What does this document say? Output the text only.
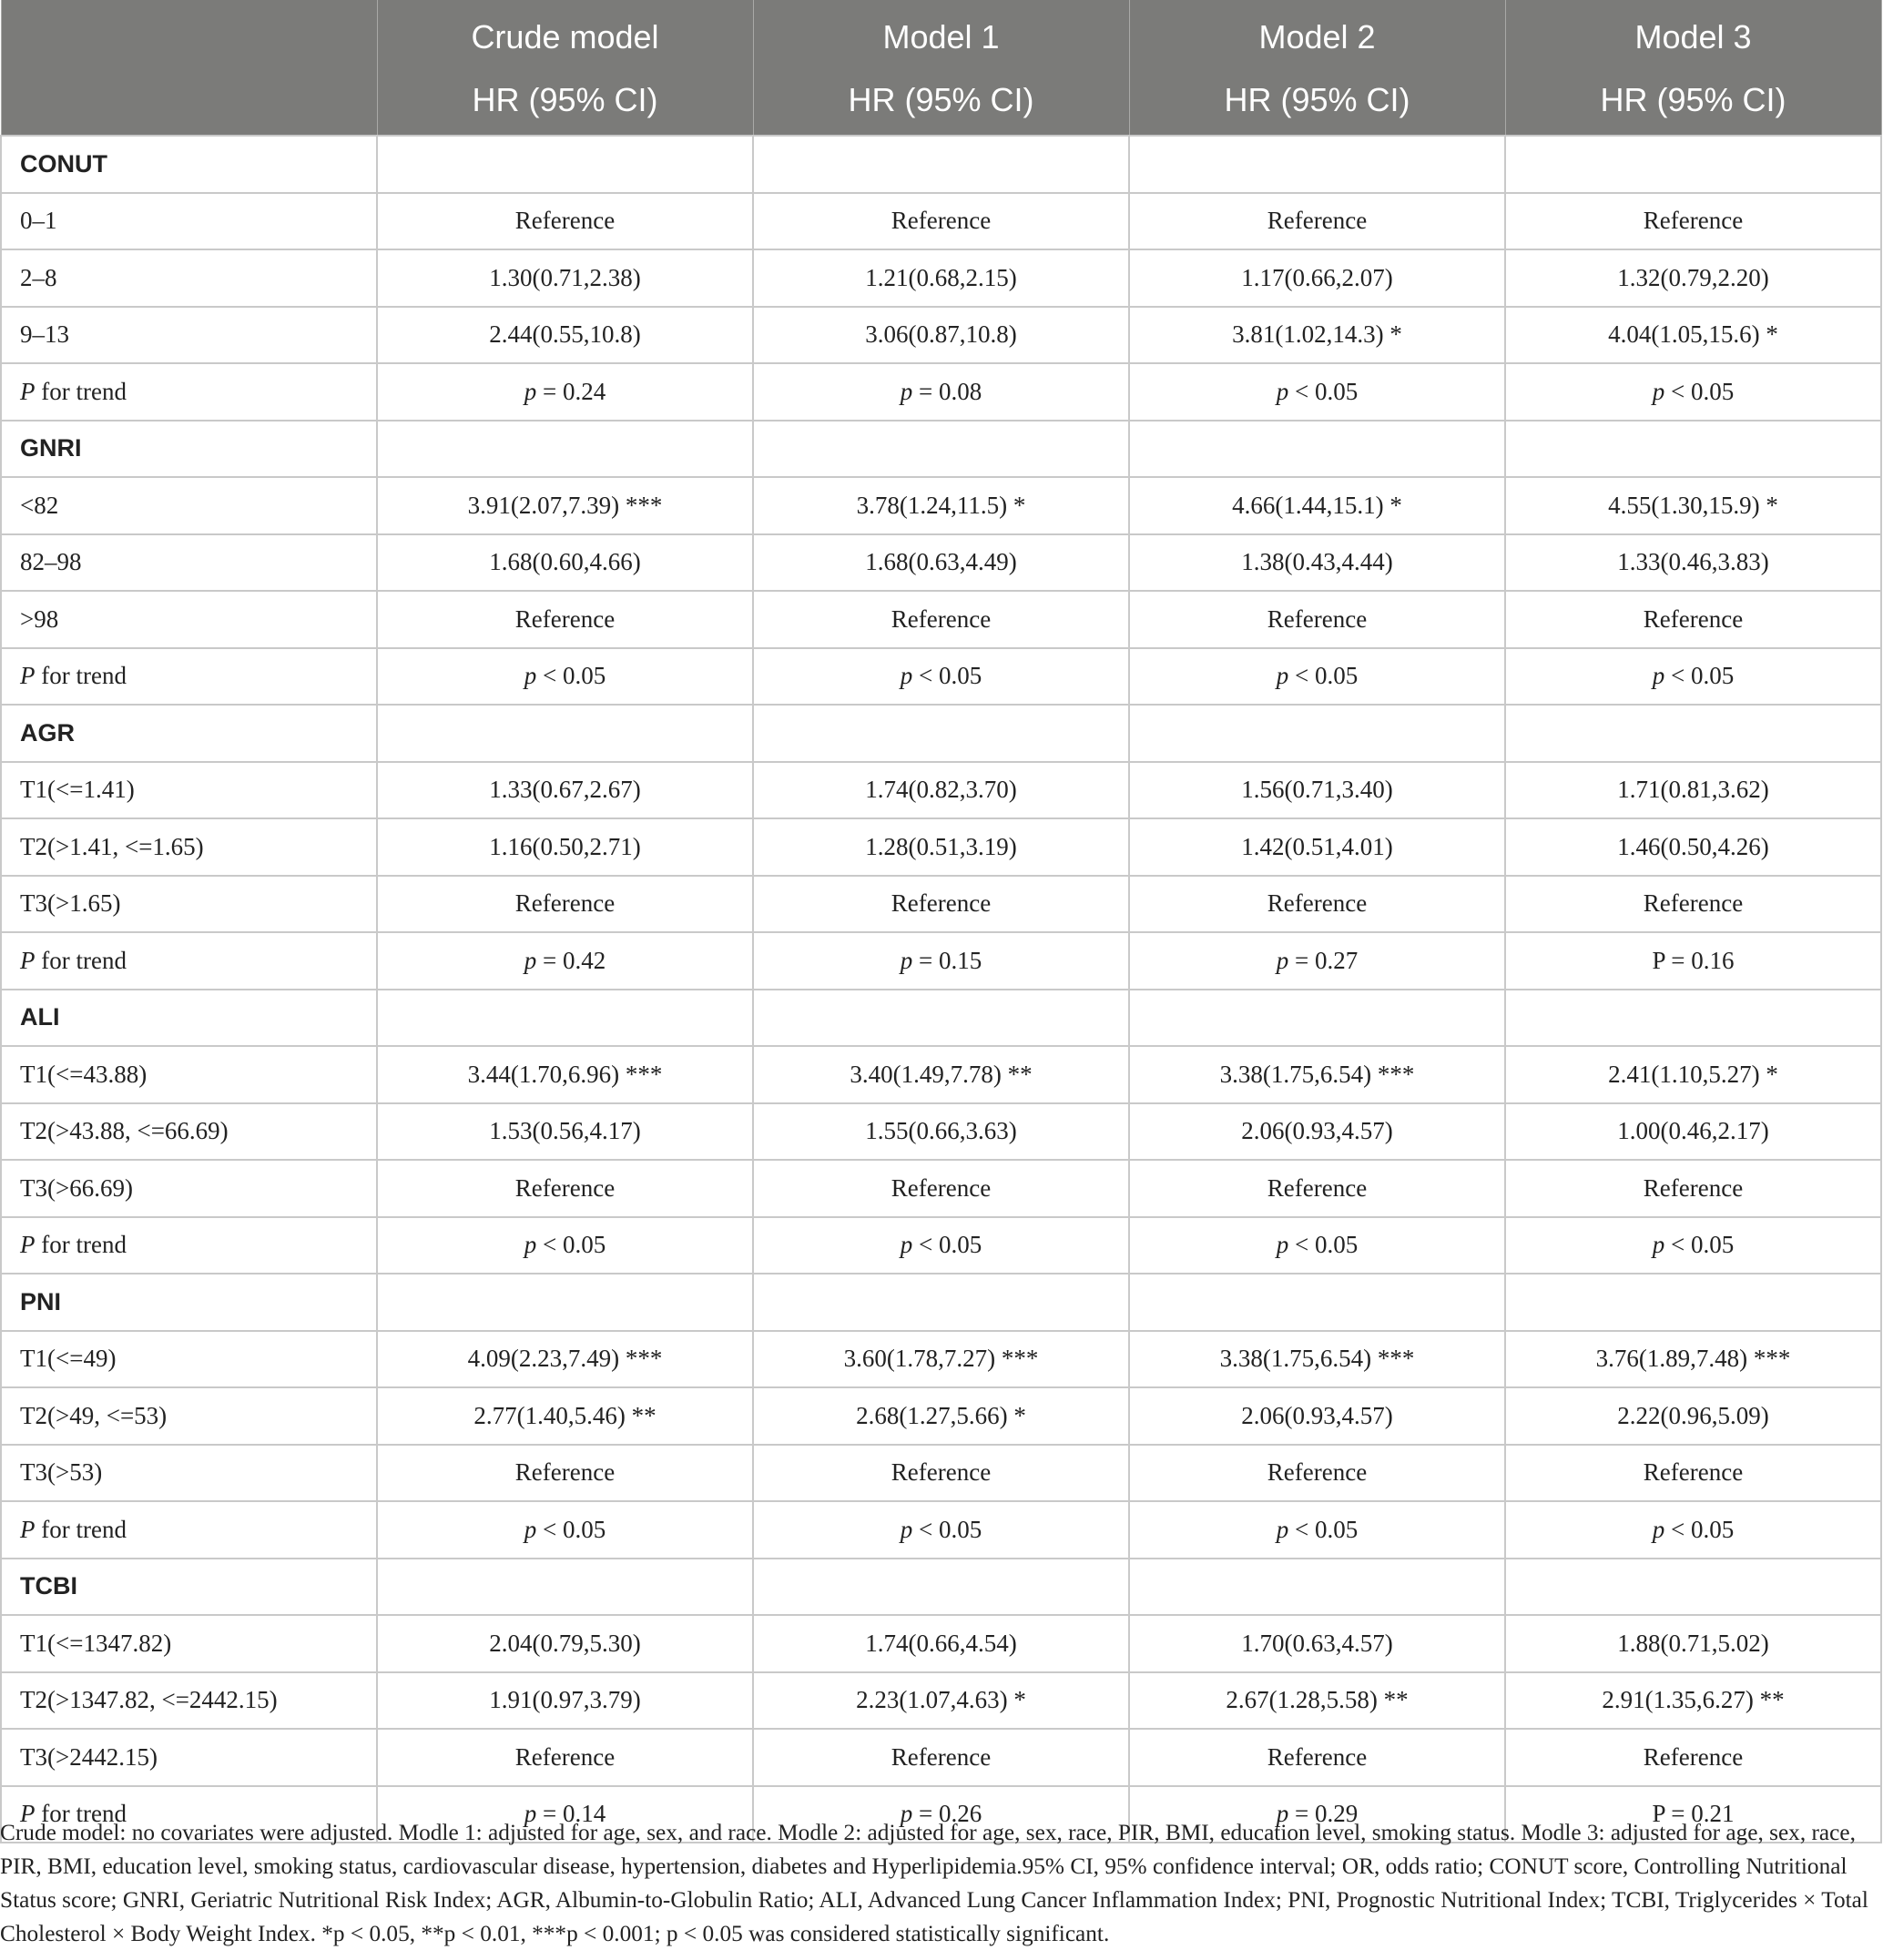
	Crude model	Model 1	Model 2	Model 3
	HR (95% CI)	HR (95% CI)	HR (95% CI)	HR (95% CI)
CONUT				
0–1	Reference	Reference	Reference	Reference
2–8	1.30(0.71,2.38)	1.21(0.68,2.15)	1.17(0.66,2.07)	1.32(0.79,2.20)
9–13	2.44(0.55,10.8)	3.06(0.87,10.8)	3.81(1.02,14.3) *	4.04(1.05,15.6) *
P for trend	p = 0.24	p = 0.08	p < 0.05	p < 0.05
GNRI				
<82	3.91(2.07,7.39) ***	3.78(1.24,11.5) *	4.66(1.44,15.1) *	4.55(1.30,15.9) *
82–98	1.68(0.60,4.66)	1.68(0.63,4.49)	1.38(0.43,4.44)	1.33(0.46,3.83)
>98	Reference	Reference	Reference	Reference
P for trend	p < 0.05	p < 0.05	p < 0.05	p < 0.05
AGR				
T1(<=1.41)	1.33(0.67,2.67)	1.74(0.82,3.70)	1.56(0.71,3.40)	1.71(0.81,3.62)
T2(>1.41, <=1.65)	1.16(0.50,2.71)	1.28(0.51,3.19)	1.42(0.51,4.01)	1.46(0.50,4.26)
T3(>1.65)	Reference	Reference	Reference	Reference
P for trend	p = 0.42	p = 0.15	p = 0.27	P = 0.16
ALI				
T1(<=43.88)	3.44(1.70,6.96) ***	3.40(1.49,7.78) **	3.38(1.75,6.54) ***	2.41(1.10,5.27) *
T2(>43.88, <=66.69)	1.53(0.56,4.17)	1.55(0.66,3.63)	2.06(0.93,4.57)	1.00(0.46,2.17)
T3(>66.69)	Reference	Reference	Reference	Reference
P for trend	p < 0.05	p < 0.05	p < 0.05	p < 0.05
PNI				
T1(<=49)	4.09(2.23,7.49) ***	3.60(1.78,7.27) ***	3.38(1.75,6.54) ***	3.76(1.89,7.48) ***
T2(>49, <=53)	2.77(1.40,5.46) **	2.68(1.27,5.66) *	2.06(0.93,4.57)	2.22(0.96,5.09)
T3(>53)	Reference	Reference	Reference	Reference
P for trend	p < 0.05	p < 0.05	p < 0.05	p < 0.05
TCBI				
T1(<=1347.82)	2.04(0.79,5.30)	1.74(0.66,4.54)	1.70(0.63,4.57)	1.88(0.71,5.02)
T2(>1347.82, <=2442.15)	1.91(0.97,3.79)	2.23(1.07,4.63) *	2.67(1.28,5.58) **	2.91(1.35,6.27) **
T3(>2442.15)	Reference	Reference	Reference	Reference
P for trend	p = 0.14	p = 0.26	p = 0.29	P = 0.21
Crude model: no covariates were adjusted. Modle 1: adjusted for age, sex, and race. Modle 2: adjusted for age, sex, race, PIR, BMI, education level, smoking status. Modle 3: adjusted for age, sex, race, PIR, BMI, education level, smoking status, cardiovascular disease, hypertension, diabetes and Hyperlipidemia.95% CI, 95% confidence interval; OR, odds ratio; CONUT score, Controlling Nutritional Status score; GNRI, Geriatric Nutritional Risk Index; AGR, Albumin-to-Globulin Ratio; ALI, Advanced Lung Cancer Inflammation Index; PNI, Prognostic Nutritional Index; TCBI, Triglycerides × Total Cholesterol × Body Weight Index. *p < 0.05, **p < 0.01, ***p < 0.001; p < 0.05 was considered statistically significant.
